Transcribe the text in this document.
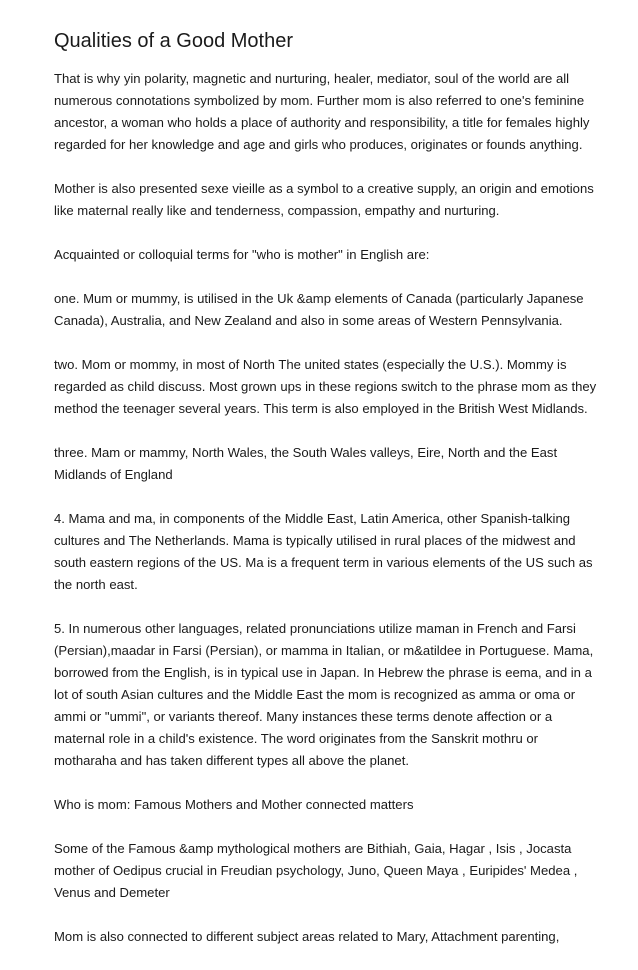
Qualities of a Good Mother

That is why yin polarity, magnetic and nurturing, healer, mediator, soul of the world are all numerous connotations symbolized by mom. Further mom is also referred to one's feminine ancestor, a woman who holds a place of authority and responsibility, a title for females highly regarded for her knowledge and age and girls who produces, originates or founds anything.

Mother is also presented sexe vieille as a symbol to a creative supply, an origin and emotions like maternal really like and tenderness, compassion, empathy and nurturing.

Acquainted or colloquial terms for "who is mother" in English are:

one. Mum or mummy, is utilised in the Uk &amp elements of Canada (particularly Japanese Canada), Australia, and New Zealand and also in some areas of Western Pennsylvania.

two. Mom or mommy, in most of North The united states (especially the U.S.). Mommy is regarded as child discuss. Most grown ups in these regions switch to the phrase mom as they method the teenager several years. This term is also employed in the British West Midlands.

three. Mam or mammy, North Wales, the South Wales valleys, Eire, North and the East Midlands of England

4. Mama and ma, in components of the Middle East, Latin America, other Spanish-talking cultures and The Netherlands. Mama is typically utilised in rural places of the midwest and south eastern regions of the US. Ma is a frequent term in various elements of the US such as the north east.

5. In numerous other languages, related pronunciations utilize maman in French and Farsi (Persian),maadar in Farsi (Persian), or mamma in Italian, or m&atildee in Portuguese. Mama, borrowed from the English, is in typical use in Japan. In Hebrew the phrase is eema, and in a lot of south Asian cultures and the Middle East the mom is recognized as amma or oma or ammi or "ummi", or variants thereof. Many instances these terms denote affection or a maternal role in a child's existence. The word originates from the Sanskrit mothru or motharaha and has taken different types all above the planet.

Who is mom: Famous Mothers and Mother connected matters

Some of the Famous &amp mythological mothers are Bithiah, Gaia, Hagar , Isis , Jocasta mother of Oedipus crucial in Freudian psychology, Juno, Queen Maya , Euripides' Medea , Venus and Demeter

Mom is also connected to different subject areas related to Mary, Attachment parenting,
